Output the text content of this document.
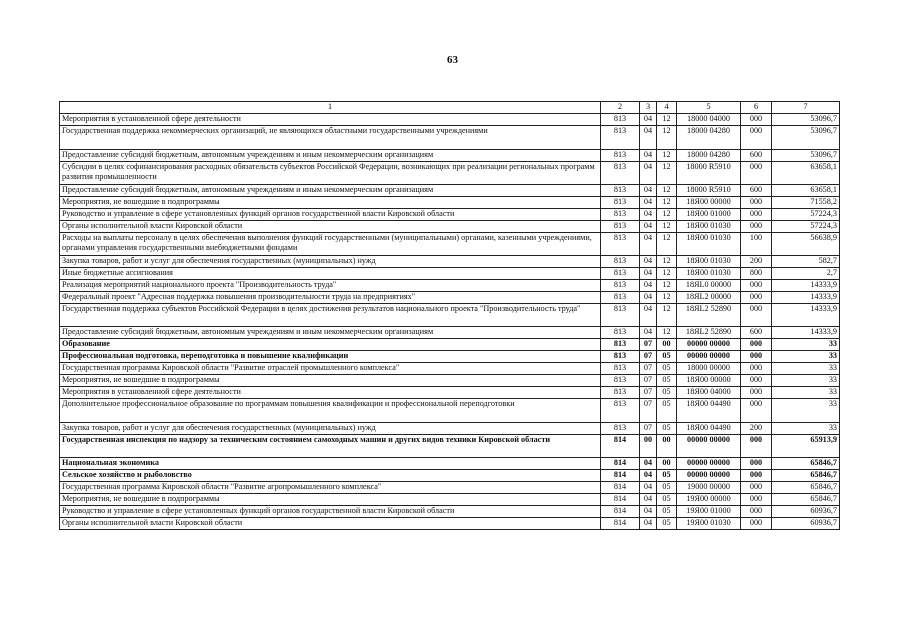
63
1	2	3	4	5	6	7
Мероприятия в установленной сфере деятельности	813	04	12	18000 04000	000	53096,7
Государственная поддержка некоммерческих организаций, не являющихся областными государственными учреждениями	813	04	12	18000 04280	000	53096,7
Предоставление субсидий бюджетным, автономным учреждениям и иным некоммерческим организациям	813	04	12	18000 04280	600	53096,7
Субсидии в целях софинансирования расходных обязательств субъектов Российской Федерации, возникающих при реализации региональных программ развития промышленности	813	04	12	18000 R5910	000	63658,1
Предоставление субсидий бюджетным, автономным учреждениям и иным некоммерческим организациям	813	04	12	18000 R5910	600	63658,1
Мероприятия, не вошедшие в подпрограммы	813	04	12	18Я00 00000	000	71558,2
Руководство и управление в сфере установленных функций органов государственной власти Кировской области	813	04	12	18Я00 01000	000	57224,3
Органы исполнительной власти Кировской области	813	04	12	18Я00 01030	000	57224,3
Расходы на выплаты персоналу в целях обеспечения выполнения функций государственными (муниципальными) органами, казенными учреждениями, органами управления государственными внебюджетными фондами	813	04	12	18Я00 01030	100	56638,9
Закупка товаров, работ и услуг для обеспечения государственных (муниципальных) нужд	813	04	12	18Я00 01030	200	582,7
Иные бюджетные ассигнования	813	04	12	18Я00 01030	800	2,7
Реализация мероприятий национального проекта "Производительность труда"	813	04	12	18ЯL0 00000	000	14333,9
Федеральный проект "Адресная поддержка повышения производительности труда на предприятиях"	813	04	12	18ЯL2 00000	000	14333,9
Государственная поддержка субъектов Российской Федерации в целях достижения результатов национального проекта "Производительность труда"	813	04	12	18ЯL2 52890	000	14333,9
Предоставление субсидий бюджетным, автономным учреждениям и иным некоммерческим организациям	813	04	12	18ЯL2 52890	600	14333,9
Образование	813	07	00	00000 00000	000	33
Профессиональная подготовка, переподготовка и повышение квалификации	813	07	05	00000 00000	000	33
Государственная программа Кировской области "Развитие отраслей промышленного комплекса"	813	07	05	18000 00000	000	33
Мероприятия, не вошедшие в подпрограммы	813	07	05	18Я00 00000	000	33
Мероприятия в установленной сфере деятельности	813	07	05	18Я00 04000	000	33
Дополнительное профессиональное образование по программам повышения квалификации и профессиональной переподготовки	813	07	05	18Я00 04490	000	33
Закупка товаров, работ и услуг для обеспечения государственных (муниципальных) нужд	813	07	05	18Я00 04490	200	33
Государственная инспекция по надзору за техническим состоянием самоходных машин и других видов техники Кировской области	814	00	00	00000 00000	000	65913,9
Национальная экономика	814	04	00	00000 00000	000	65846,7
Сельское хозяйство и рыболовство	814	04	05	00000 00000	000	65846,7
Государственная программа Кировской области "Развитие агропромышленного комплекса"	814	04	05	19000 00000	000	65846,7
Мероприятия, не вошедшие в подпрограммы	814	04	05	19Я00 00000	000	65846,7
Руководство и управление в сфере установленных функций органов государственной власти Кировской области	814	04	05	19Я00 01000	000	60936,7
Органы исполнительной власти Кировской области	814	04	05	19Я00 01030	000	60936,7
